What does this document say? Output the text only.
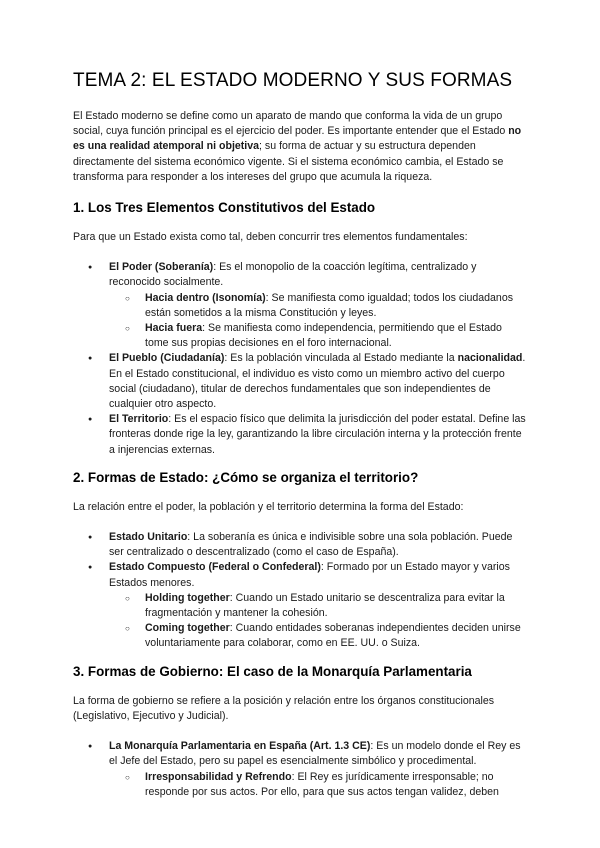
TEMA 2: EL ESTADO MODERNO Y SUS FORMAS

El Estado moderno se define como un aparato de mando que conforma la vida de un grupo social, cuya función principal es el ejercicio del poder. Es importante entender que el Estado no es una realidad atemporal ni objetiva; su forma de actuar y su estructura dependen directamente del sistema económico vigente. Si el sistema económico cambia, el Estado se transforma para responder a los intereses del grupo que acumula la riqueza.

1. Los Tres Elementos Constitutivos del Estado

Para que un Estado exista como tal, deben concurrir tres elementos fundamentales:

● El Poder (Soberanía): Es el monopolio de la coacción legítima, centralizado y reconocido socialmente.
○ Hacia dentro (Isonomía): Se manifiesta como igualdad; todos los ciudadanos están sometidos a la misma Constitución y leyes.
○ Hacia fuera: Se manifiesta como independencia, permitiendo que el Estado tome sus propias decisiones en el foro internacional.
● El Pueblo (Ciudadanía): Es la población vinculada al Estado mediante la nacionalidad. En el Estado constitucional, el individuo es visto como un miembro activo del cuerpo social (ciudadano), titular de derechos fundamentales que son independientes de cualquier otro aspecto.
● El Territorio: Es el espacio físico que delimita la jurisdicción del poder estatal. Define las fronteras donde rige la ley, garantizando la libre circulación interna y la protección frente a injerencias externas.
2. Formas de Estado: ¿Cómo se organiza el territorio?

La relación entre el poder, la población y el territorio determina la forma del Estado:

● Estado Unitario: La soberanía es única e indivisible sobre una sola población. Puede ser centralizado o descentralizado (como el caso de España).
● Estado Compuesto (Federal o Confederal): Formado por un Estado mayor y varios Estados menores.
○ Holding together: Cuando un Estado unitario se descentraliza para evitar la fragmentación y mantener la cohesión.
○ Coming together: Cuando entidades soberanas independientes deciden unirse voluntariamente para colaborar, como en EE. UU. o Suiza.
3. Formas de Gobierno: El caso de la Monarquía Parlamentaria

La forma de gobierno se refiere a la posición y relación entre los órganos constitucionales (Legislativo, Ejecutivo y Judicial).

● La Monarquía Parlamentaria en España (Art. 1.3 CE): Es un modelo donde el Rey es el Jefe del Estado, pero su papel es esencialmente simbólico y procedimental.
○ Irresponsabilidad y Refrendo: El Rey es jurídicamente irresponsable; no responde por sus actos. Por ello, para que sus actos tengan validez, deben
